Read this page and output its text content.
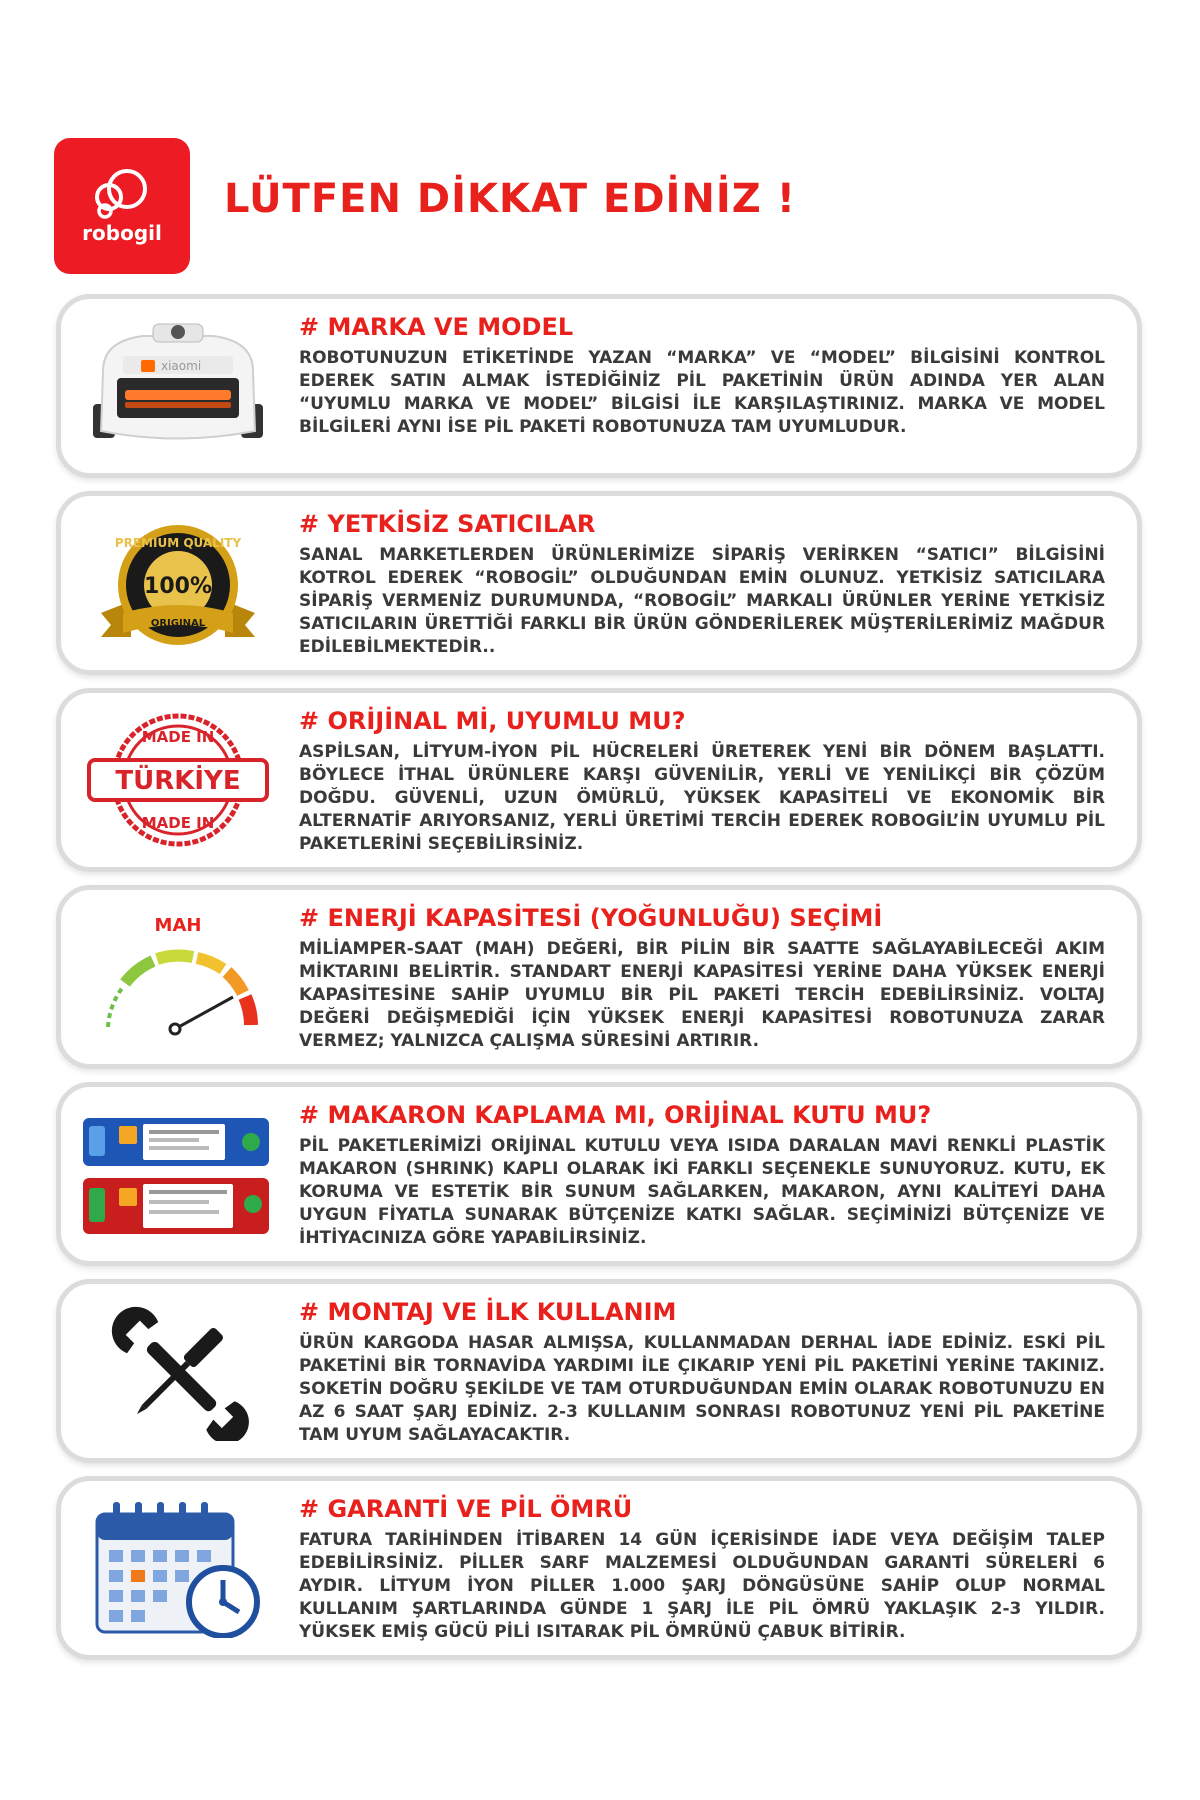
robogil
LÜTFEN DİKKAT EDİNİZ !
xiaomi
# MARKA VE MODEL

ROBOTUNUZUN ETİKETİNDE YAZAN “MARKA” VE “MODEL” BİLGİSİNİ KONTROL EDEREK SATIN ALMAK İSTEDİĞİNİZ PİL PAKETİNİN ÜRÜN ADINDA YER ALAN “UYUMLU MARKA VE MODEL” BİLGİSİ İLE KARŞILAŞTIRINIZ. MARKA VE MODEL BİLGİLERİ AYNI İSE PİL PAKETİ ROBOTUNUZA TAM UYUMLUDUR.

PREMIUM QUALITY
100%
ORIGINAL
# YETKİSİZ SATICILAR

SANAL MARKETLERDEN ÜRÜNLERİMİZE SİPARİŞ VERİRKEN “SATICI” BİLGİSİNİ KOTROL EDEREK “ROBOGİL” OLDUĞUNDAN EMİN OLUNUZ. YETKİSİZ SATICILARA SİPARİŞ VERMENİZ DURUMUNDA, “ROBOGİL” MARKALI ÜRÜNLER YERİNE YETKİSİZ SATICILARIN ÜRETTİĞİ FARKLI BİR ÜRÜN GÖNDERİLEREK MÜŞTERİLERİMİZ MAĞDUR EDİLEBİLMEKTEDİR..

MADE IN
MADE IN
TÜRKİYE
# ORİJİNAL Mİ, UYUMLU MU?

ASPİLSAN, LİTYUM-İYON PİL HÜCRELERİ ÜRETEREK YENİ BİR DÖNEM BAŞLATTI. BÖYLECE İTHAL ÜRÜNLERE KARŞI GÜVENİLİR, YERLİ VE YENİLİKÇİ BİR ÇÖZÜM DOĞDU. GÜVENLİ, UZUN ÖMÜRLÜ, YÜKSEK KAPASİTELİ VE EKONOMİK BİR ALTERNATİF ARIYORSANIZ, YERLİ ÜRETİMİ TERCİH EDEREK ROBOGİL’İN UYUMLU PİL PAKETLERİNİ SEÇEBİLİRSİNİZ.

MAH	# ENERJİ KAPASİTESİ (YOĞUNLUĞU) SEÇİMİ

MİLİAMPER-SAAT (MAH) DEĞERİ, BİR PİLİN BİR SAATTE SAĞLAYABİLECEĞİ AKIM MİKTARINI BELİRTİR. STANDART ENERJİ KAPASİTESİ YERİNE DAHA YÜKSEK ENERJİ KAPASİTESİNE SAHİP UYUMLU BİR PİL PAKETİ TERCİH EDEBİLİRSİNİZ. VOLTAJ DEĞERİ DEĞİŞMEDİĞİ İÇİN YÜKSEK ENERJİ KAPASİTESİ ROBOTUNUZA ZARAR VERMEZ; YALNIZCA ÇALIŞMA SÜRESİNİ ARTIRIR.

# MAKARON KAPLAMA MI, ORİJİNAL KUTU MU?

PİL PAKETLERİMİZİ ORİJİNAL KUTULU VEYA ISIDA DARALAN MAVİ RENKLİ PLASTİK MAKARON (SHRINK) KAPLI OLARAK İKİ FARKLI SEÇENEKLE SUNUYORUZ. KUTU, EK KORUMA VE ESTETİK BİR SUNUM SAĞLARKEN, MAKARON, AYNI KALİTEYİ DAHA UYGUN FİYATLA SUNARAK BÜTÇENİZE KATKI SAĞLAR. SEÇİMİNİZİ BÜTÇENİZE VE İHTİYACINIZA GÖRE YAPABİLİRSİNİZ.

# MONTAJ VE İLK KULLANIM

ÜRÜN KARGODA HASAR ALMIŞSA, KULLANMADAN DERHAL İADE EDİNİZ. ESKİ PİL PAKETİNİ BİR TORNAVİDA YARDIMI İLE ÇIKARIP YENİ PİL PAKETİNİ YERİNE TAKINIZ. SOKETİN DOĞRU ŞEKİLDE VE TAM OTURDUĞUNDAN EMİN OLARAK ROBOTUNUZU EN AZ 6 SAAT ŞARJ EDİNİZ. 2-3 KULLANIM SONRASI ROBOTUNUZ YENİ PİL PAKETİNE TAM UYUM SAĞLAYACAKTIR.

# GARANTİ VE PİL ÖMRÜ

FATURA TARİHİNDEN İTİBAREN 14 GÜN İÇERİSİNDE İADE VEYA DEĞİŞİM TALEP EDEBİLİRSİNİZ. PİLLER SARF MALZEMESİ OLDUĞUNDAN GARANTİ SÜRELERİ 6 AYDIR. LİTYUM İYON PİLLER 1.000 ŞARJ DÖNGÜSÜNE SAHİP OLUP NORMAL KULLANIM ŞARTLARINDA GÜNDE 1 ŞARJ İLE PİL ÖMRÜ YAKLAŞIK 2-3 YILDIR. YÜKSEK EMİŞ GÜCÜ PİLİ ISITARAK PİL ÖMRÜNÜ ÇABUK BİTİRİR.
